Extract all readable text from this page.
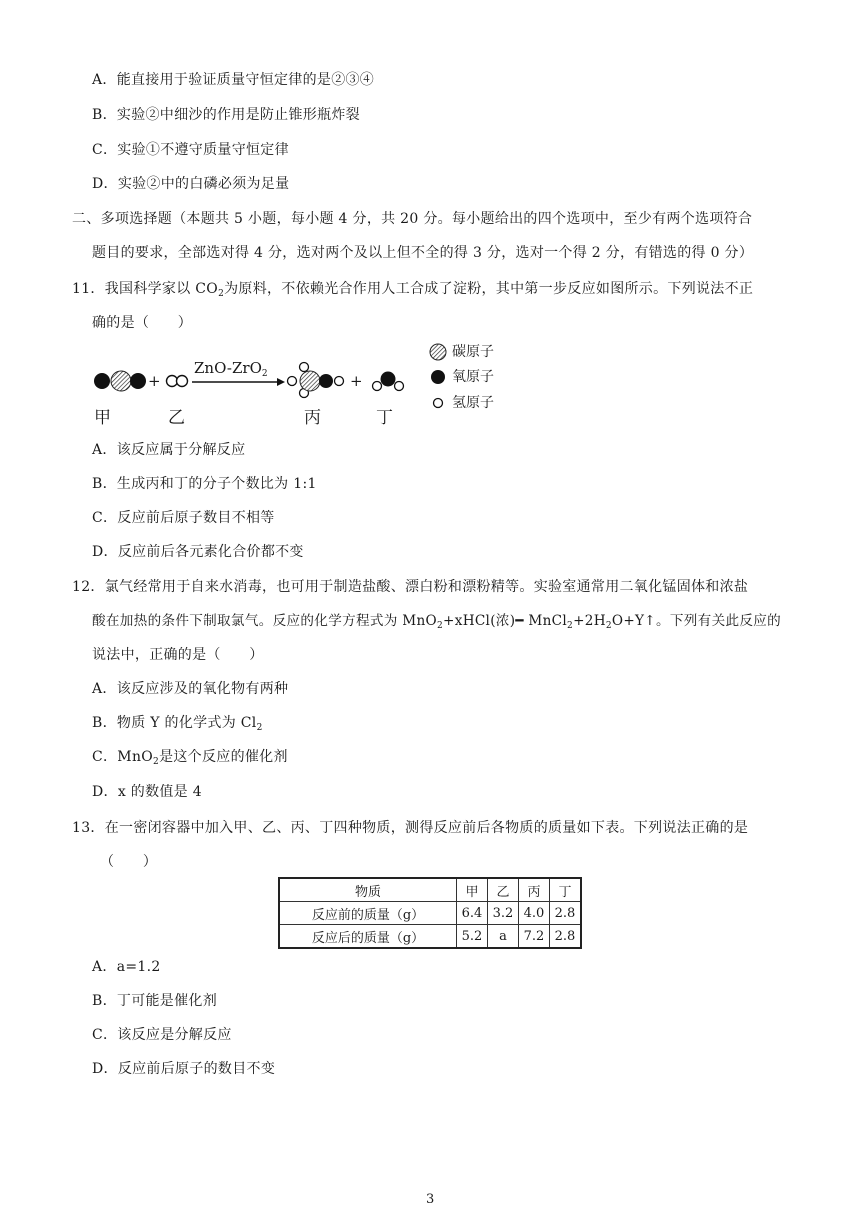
A．能直接用于验证质量守恒定律的是②③④
B．实验②中细沙的作用是防止锥形瓶炸裂
C．实验①不遵守质量守恒定律
D．实验②中的白磷必须为足量
二、多项选择题（本题共 5 小题，每小题 4 分，共 20 分。每小题给出的四个选项中，至少有两个选项符合
题目的要求，全部选对得 4 分，选对两个及以上但不全的得 3 分，选对一个得 2 分，有错选的得 0 分）
11．我国科学家以 $CO_2$为原料，不依赖光合作用人工合成了淀粉，其中第一步反应如图所示。下列说法不正
确的是（　　）
+	+
ZnO-ZrO$_2$
甲	乙	丙	丁
碳原子
氧原子
氢原子
A．该反应属于分解反应
B．生成丙和丁的分子个数比为 1:1
C．反应前后原子数目不相等
D．反应前后各元素化合价都不变
12．氯气经常用于自来水消毒，也可用于制造盐酸、漂白粉和漂粉精等。实验室通常用二氧化锰固体和浓盐
酸在加热的条件下制取氯气。反应的化学方程式为 MnO$_2$+xHCl(浓)━ $MnCl_2+2H_2O+Y↑$。下列有关此反应的
说法中，正确的是（　　）
A．该反应涉及的氧化物有两种
B．物质 Y 的化学式为 $Cl_2$
C．MnO$_2$是这个反应的催化剂
D．x 的数值是 4
13．在一密闭容器中加入甲、乙、丙、丁四种物质，测得反应前后各物质的质量如下表。下列说法正确的是
（　　）
物质	甲	乙	丙	丁
反应前的质量（g）	6.4	3.2	4.0	2.8
反应后的质量（g）	5.2	a	7.2	2.8
A．a=1.2
B．丁可能是催化剂
C．该反应是分解反应
D．反应前后原子的数目不变
3
